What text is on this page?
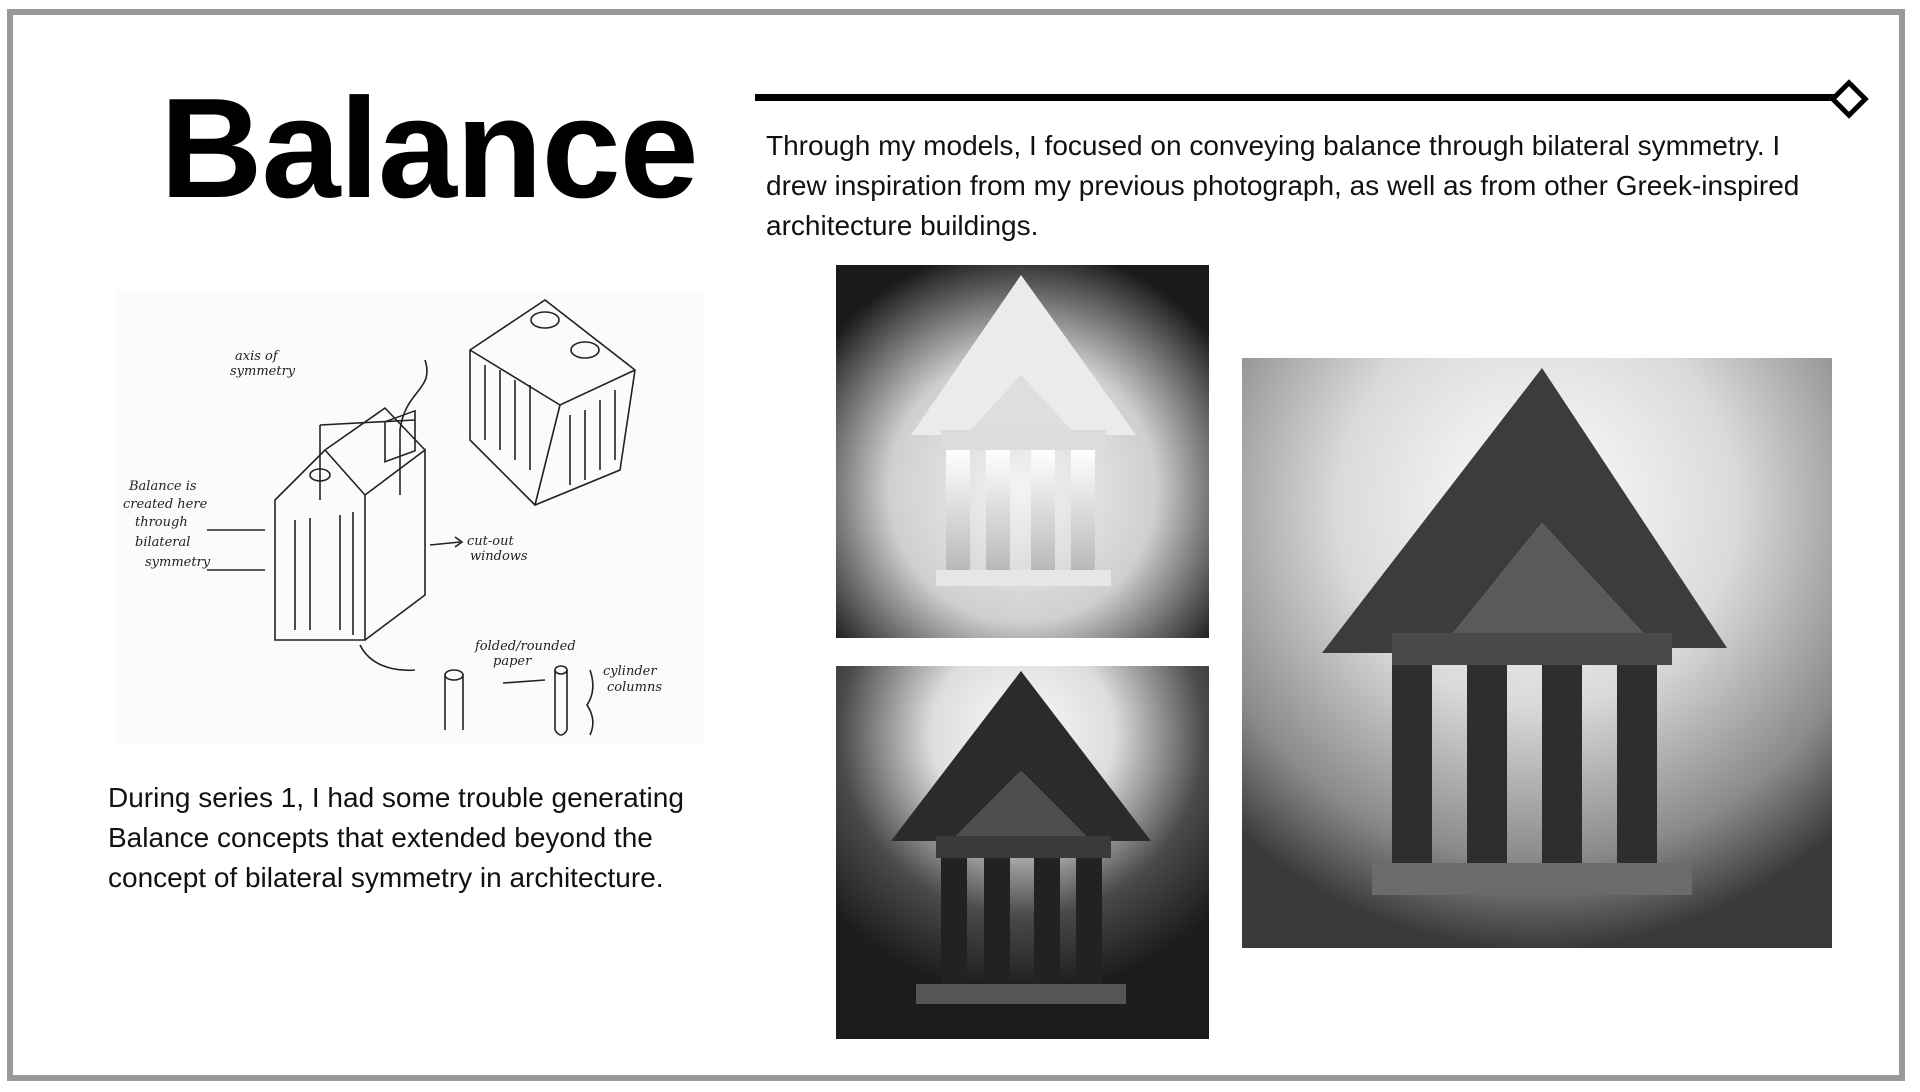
Balance Through my models, I focused on conveying balance through bilateral symmetry. I drew inspiration from my previous photograph, as well as from other Greek-inspired architecture buildings.
axis of symmetry
Balance is created here through bilateral symmetry
cut-out windows
folded/rounded paper
cylinder columns
During series 1, I had some trouble generating Balance concepts that extended beyond the concept of bilateral symmetry in architecture.
